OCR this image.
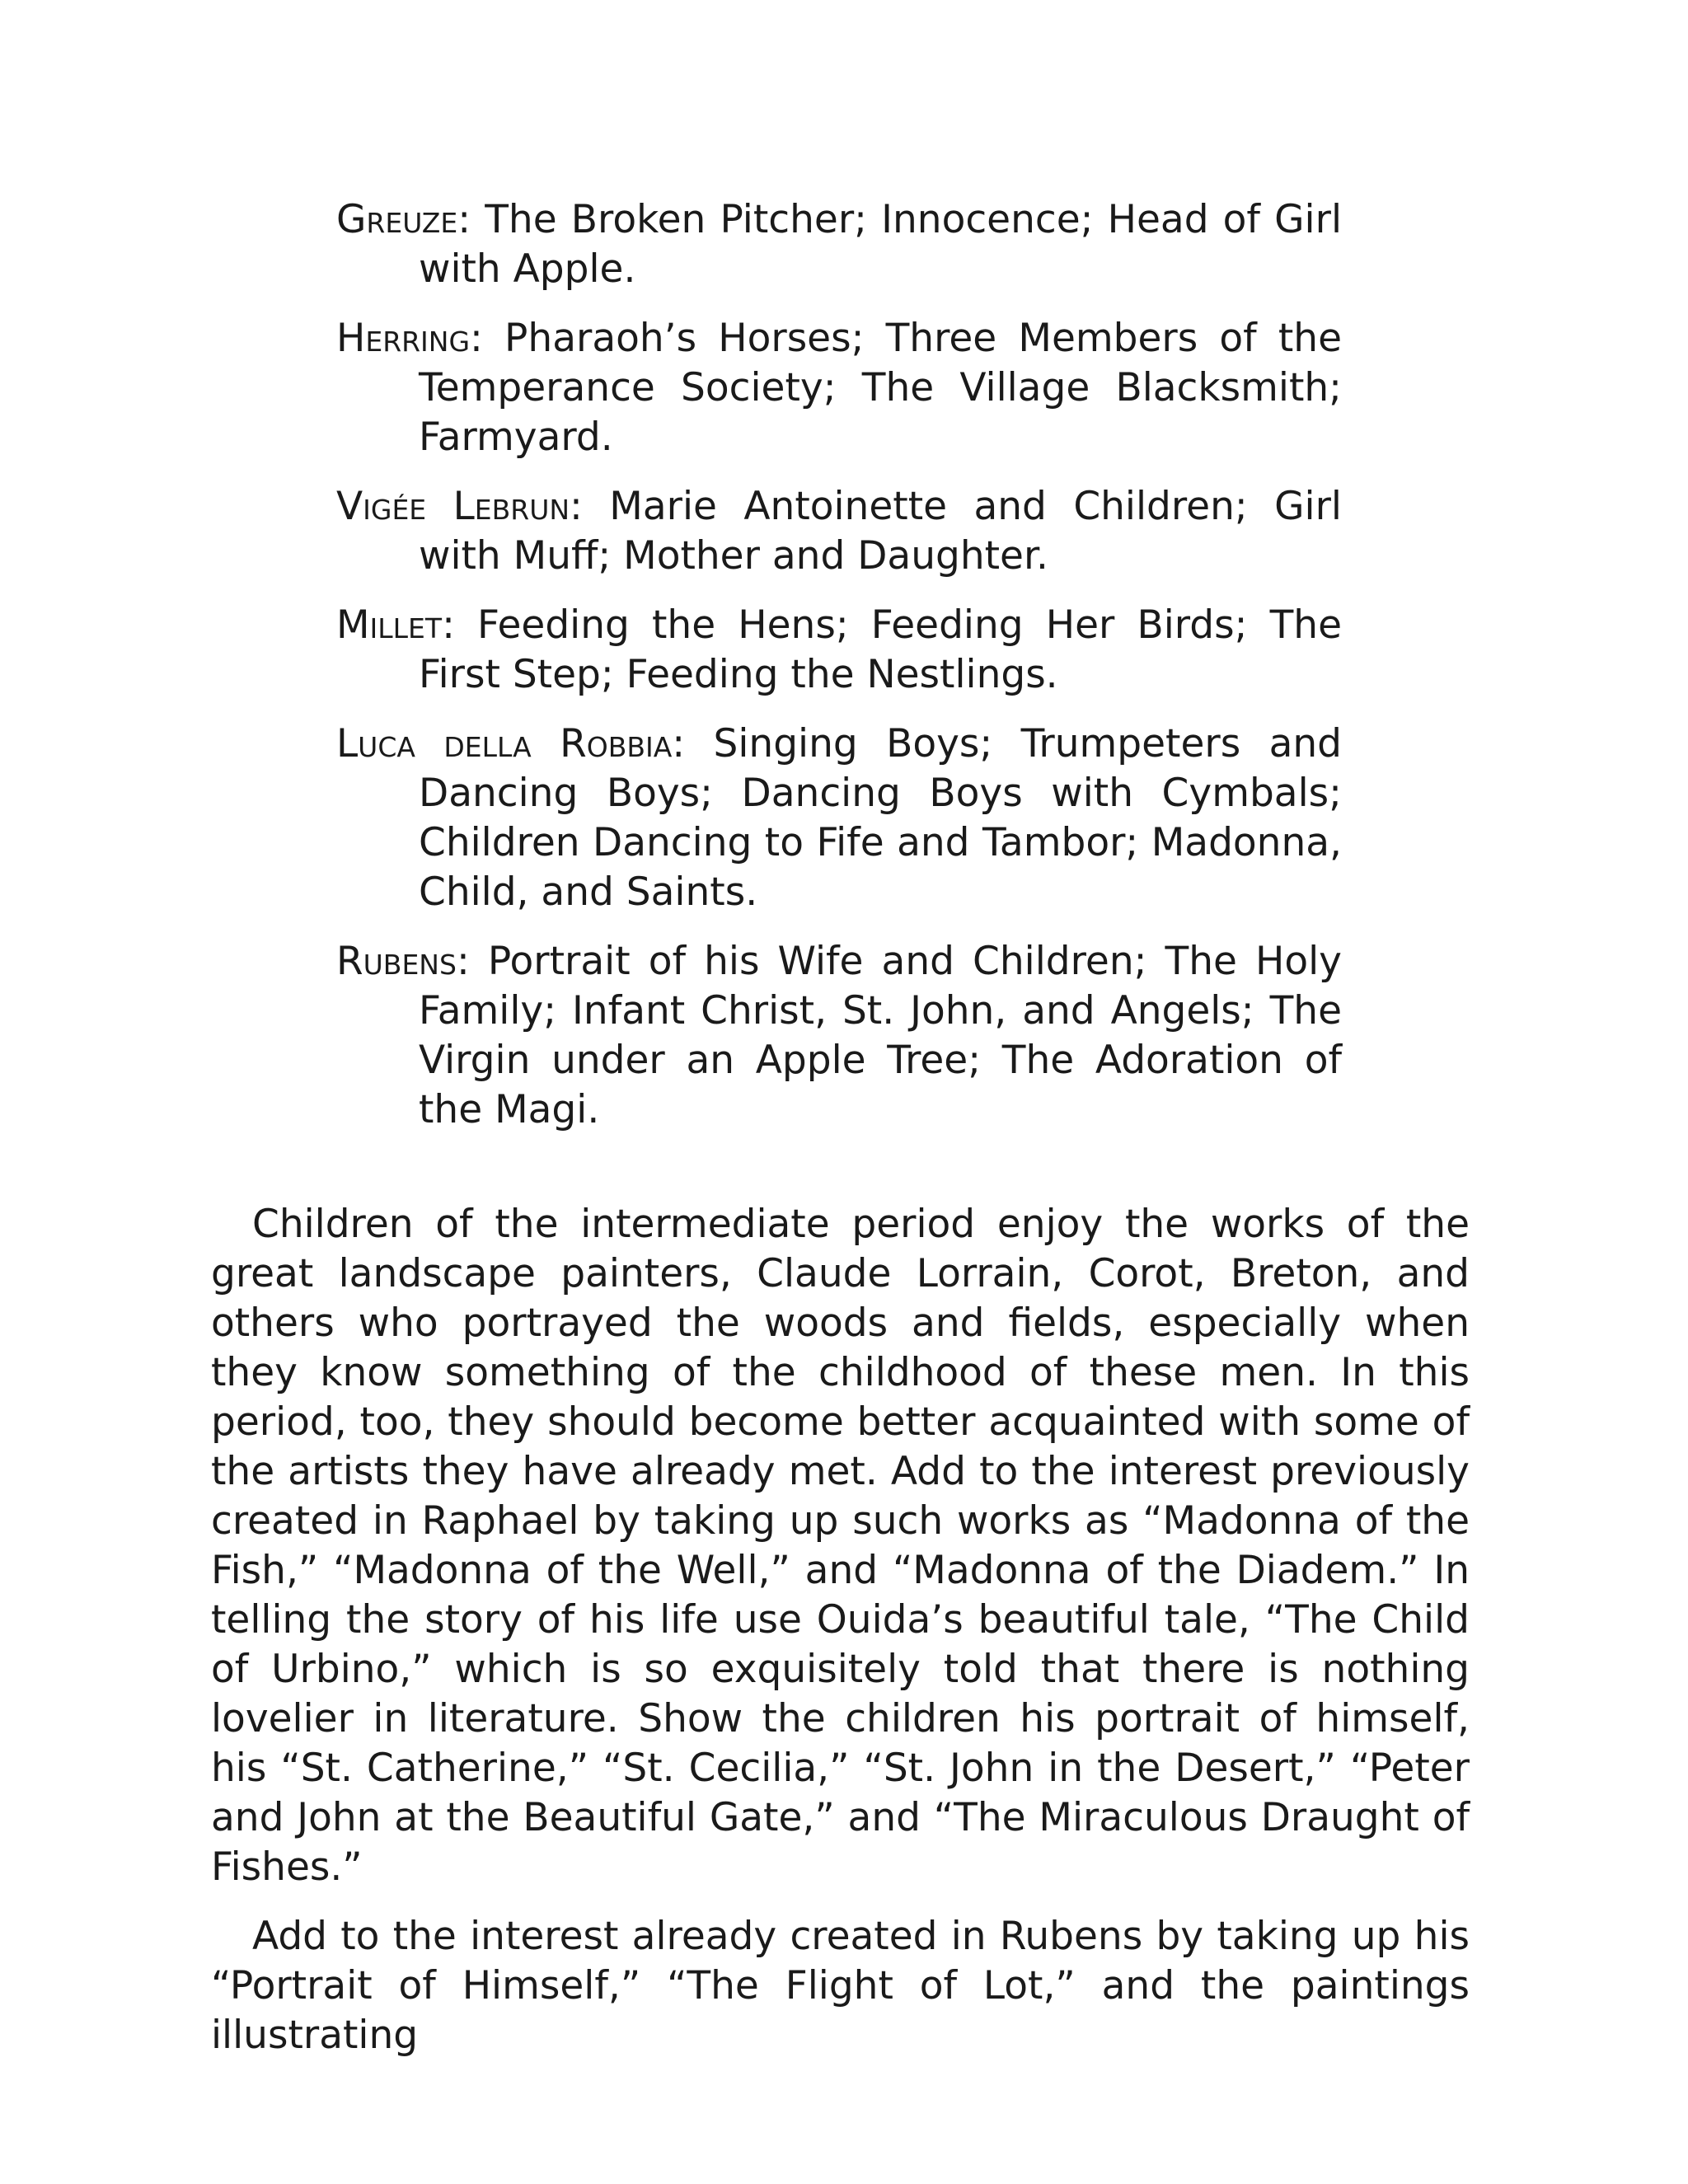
Greuze: The Broken Pitcher; Innocence; Head of Girl with Apple.

Herring: Pharaoh’s Horses; Three Members of the Temperance Society; The Village Blacksmith; Farmyard.

Vigée Lebrun: Marie Antoinette and Children; Girl with Muff; Mother and Daughter.

Millet: Feeding the Hens; Feeding Her Birds; The First Step; Feeding the Nestlings.

Luca della Robbia: Singing Boys; Trumpeters and Dancing Boys; Dancing Boys with Cymbals; Children Dancing to Fife and Tambor; Madonna, Child, and Saints.

Rubens: Portrait of his Wife and Children; The Holy Family; Infant Christ, St. John, and Angels; The Virgin under an Apple Tree; The Adoration of the Magi.

Children of the intermediate period enjoy the works of the great landscape painters, Claude Lorrain, Corot, Breton, and others who portrayed the woods and fields, especially when they know something of the childhood of these men. In this period, too, they should become better acquainted with some of the artists they have already met. Add to the interest previously created in Raphael by taking up such works as “Madonna of the Fish,” “Madonna of the Well,” and “Madonna of the Diadem.” In telling the story of his life use Ouida’s beautiful tale, “The Child of Urbino,” which is so exquisitely told that there is nothing lovelier in literature. Show the children his portrait of himself, his “St. Catherine,” “St. Cecilia,” “St. John in the Desert,” “Peter and John at the Beautiful Gate,” and “The Miraculous Draught of Fishes.”

Add to the interest already created in Rubens by taking up his “Portrait of Himself,” “The Flight of Lot,” and the paintings illustrating
